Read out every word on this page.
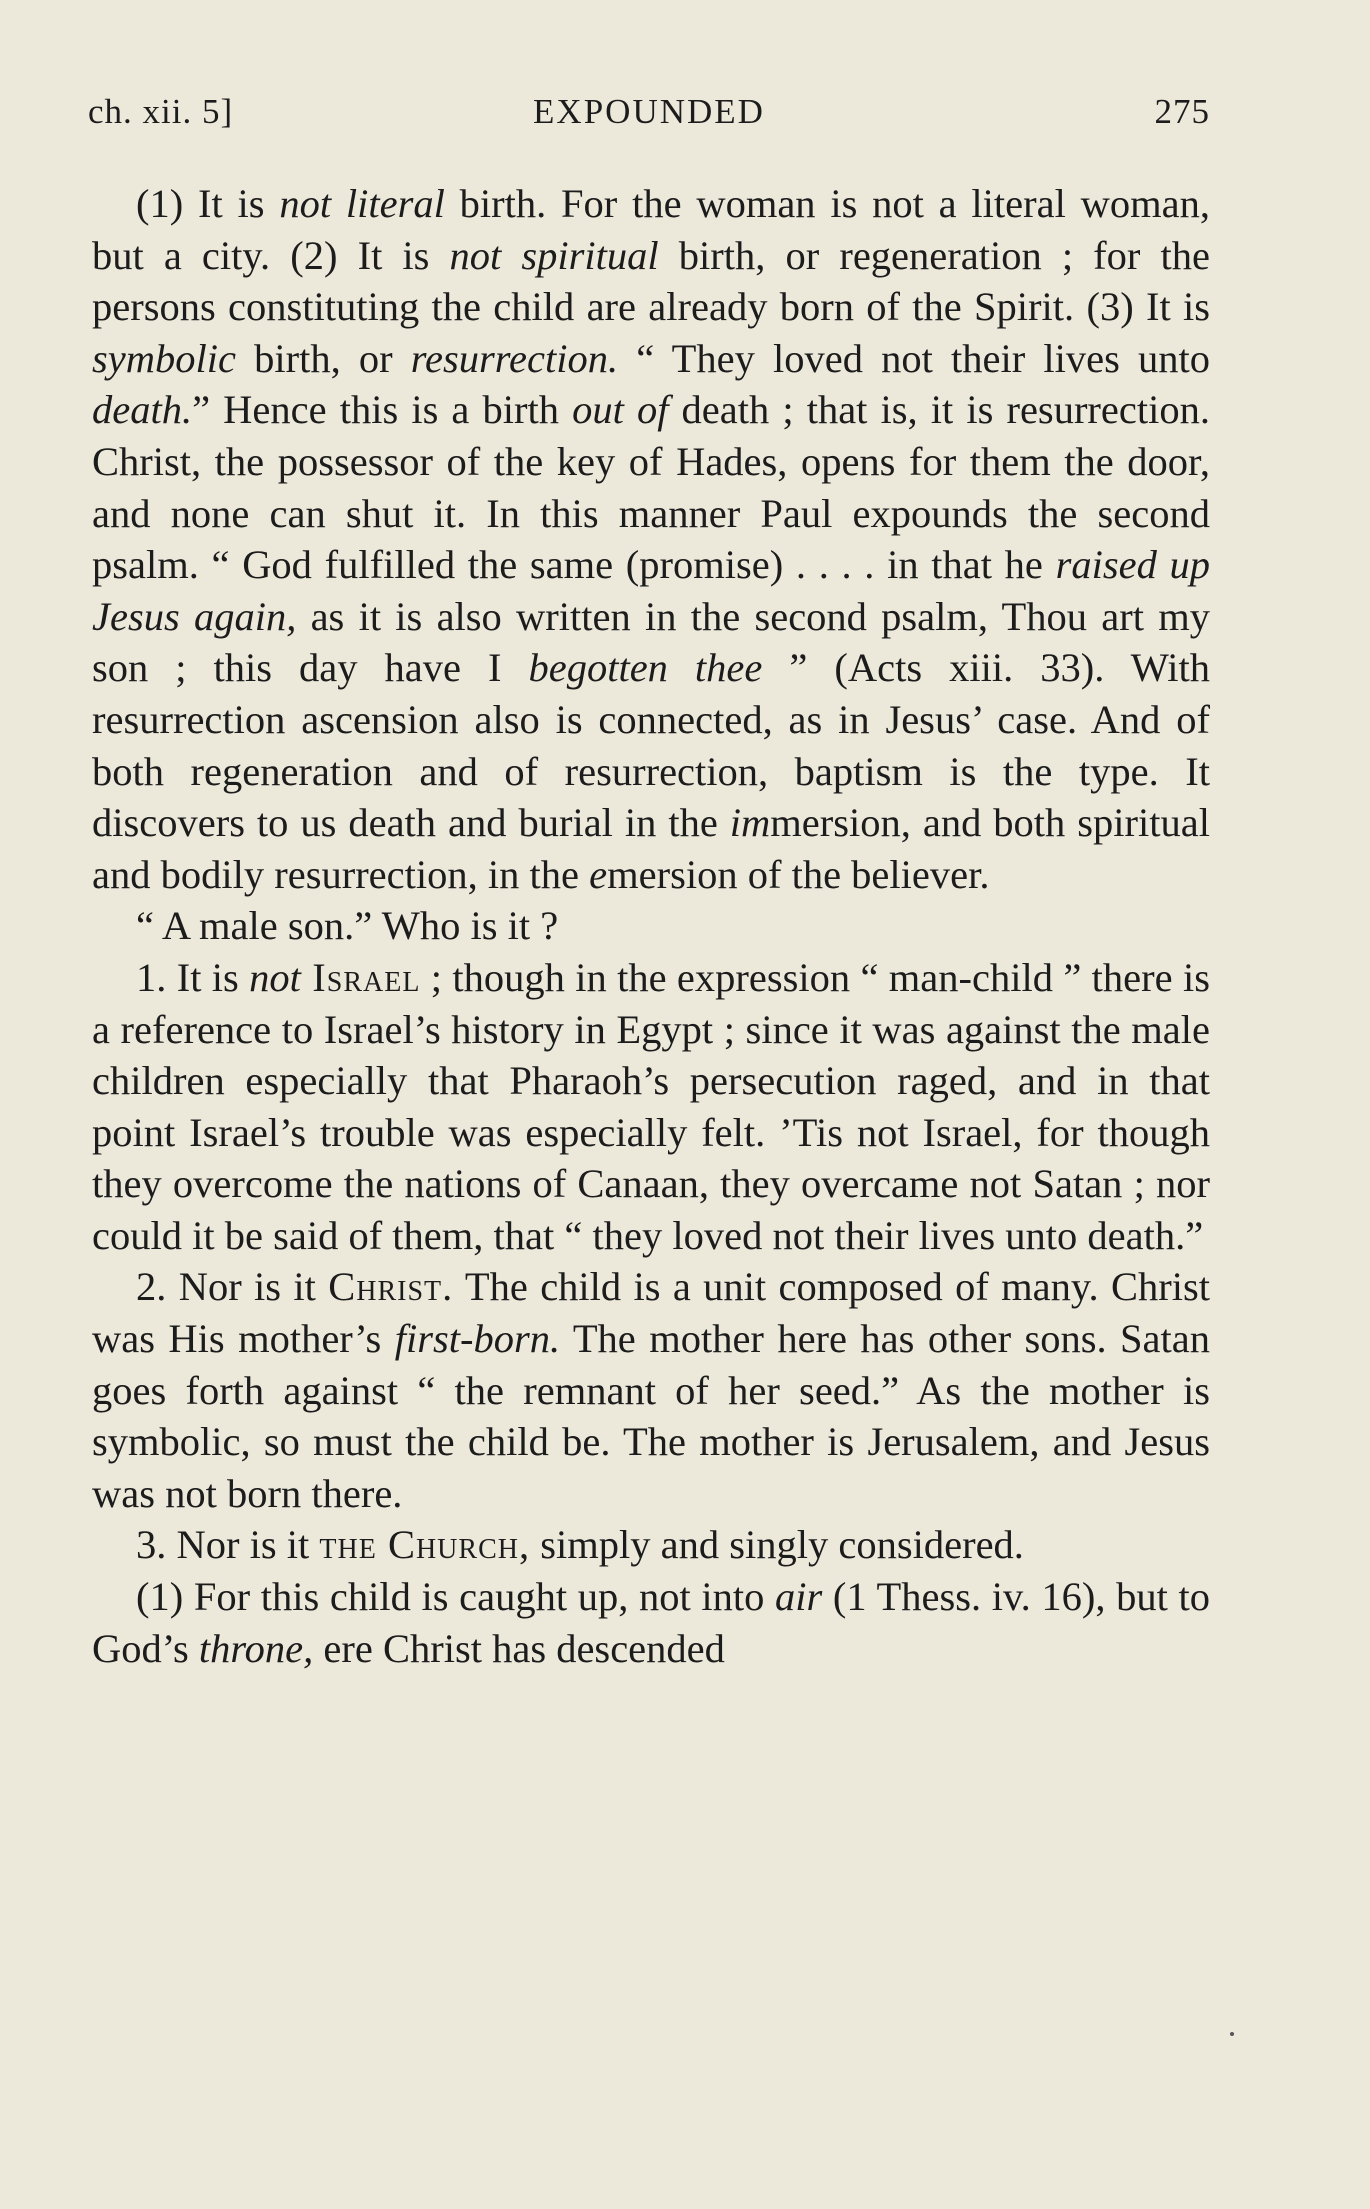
ch. xii. 5]	EXPOUNDED	275

(1) It is not literal birth. For the woman is not a literal woman, but a city. (2) It is not spiritual birth, or regeneration ; for the persons constituting the child are already born of the Spirit. (3) It is symbolic birth, or resurrection. “ They loved not their lives unto death.” Hence this is a birth out of death ; that is, it is resurrection. Christ, the possessor of the key of Hades, opens for them the door, and none can shut it. In this manner Paul expounds the second psalm. “ God fulfilled the same (promise) . . . . in that he raised up Jesus again, as it is also written in the second psalm, Thou art my son ; this day have I begotten thee ” (Acts xiii. 33). With resurrection ascension also is connected, as in Jesus’ case. And of both regeneration and of resurrection, baptism is the type. It discovers to us death and burial in the immersion, and both spiritual and bodily resurrection, in the emersion of the believer.

“ A male son.” Who is it ?

1. It is not Israel ; though in the expression “ man-child ” there is a reference to Israel’s history in Egypt ; since it was against the male children especially that Pharaoh’s persecution raged, and in that point Israel’s trouble was especially felt. ’Tis not Israel, for though they overcome the nations of Canaan, they overcame not Satan ; nor could it be said of them, that “ they loved not their lives unto death.”

2. Nor is it Christ. The child is a unit composed of many. Christ was His mother’s first-born. The mother here has other sons. Satan goes forth against “ the remnant of her seed.” As the mother is symbolic, so must the child be. The mother is Jerusalem, and Jesus was not born there.

3. Nor is it the Church, simply and singly considered.

(1) For this child is caught up, not into air (1 Thess. iv. 16), but to God’s throne, ere Christ has descended
